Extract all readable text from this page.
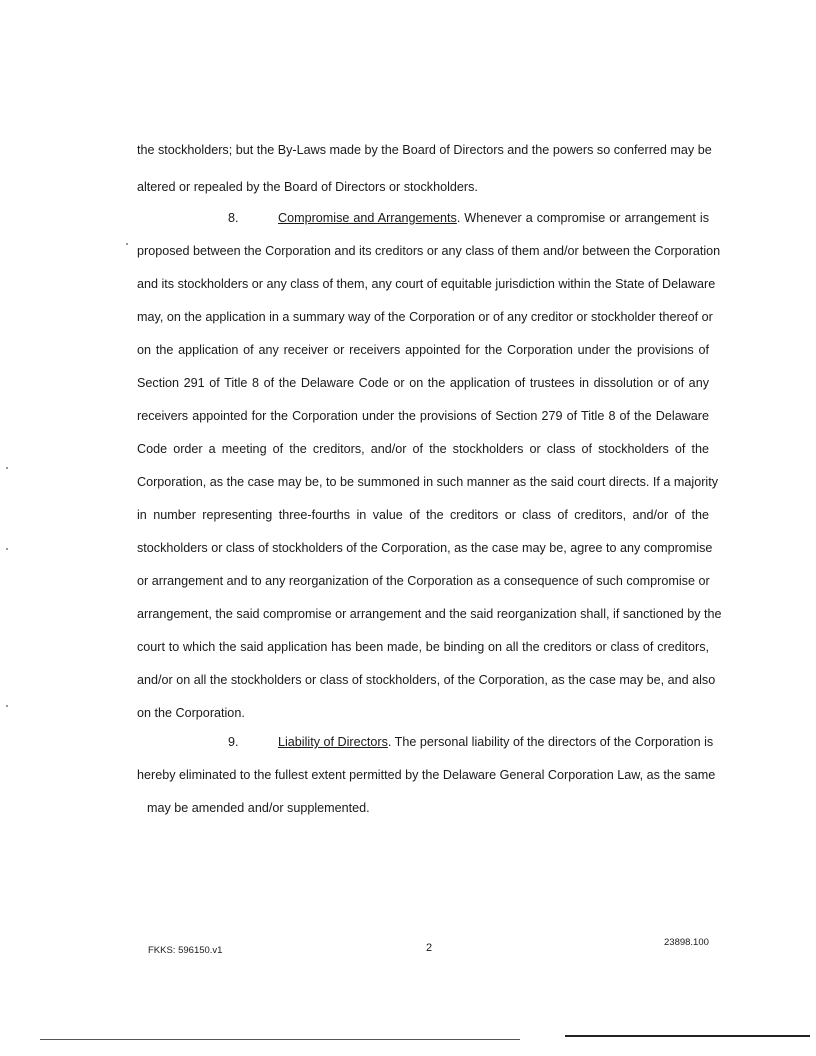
the stockholders; but the By-Laws made by the Board of Directors and the powers so conferred may be
altered or repealed by the Board of Directors or stockholders.
8.	Compromise and Arrangements. Whenever a compromise or arrangement is
proposed between the Corporation and its creditors or any class of them and/or between the Corporation
and its stockholders or any class of them, any court of equitable jurisdiction within the State of Delaware
may, on the application in a summary way of the Corporation or of any creditor or stockholder thereof or
on the application of any receiver or receivers appointed for the Corporation under the provisions of
Section 291 of Title 8 of the Delaware Code or on the application of trustees in dissolution or of any
receivers appointed for the Corporation under the provisions of Section 279 of Title 8 of the Delaware
Code order a meeting of the creditors, and/or of the stockholders or class of stockholders of the
Corporation, as the case may be, to be summoned in such manner as the said court directs. If a majority
in number representing three-fourths in value of the creditors or class of creditors, and/or of the
stockholders or class of stockholders of the Corporation, as the case may be, agree to any compromise
or arrangement and to any reorganization of the Corporation as a consequence of such compromise or
arrangement, the said compromise or arrangement and the said reorganization shall, if sanctioned by the
court to which the said application has been made, be binding on all the creditors or class of creditors,
and/or on all the stockholders or class of stockholders, of the Corporation, as the case may be, and also
on the Corporation.
9.	Liability of Directors. The personal liability of the directors of the Corporation is
hereby eliminated to the fullest extent permitted by the Delaware General Corporation Law, as the same
may be amended and/or supplemented.
FKKS: 596150.v1	2	23898.100
